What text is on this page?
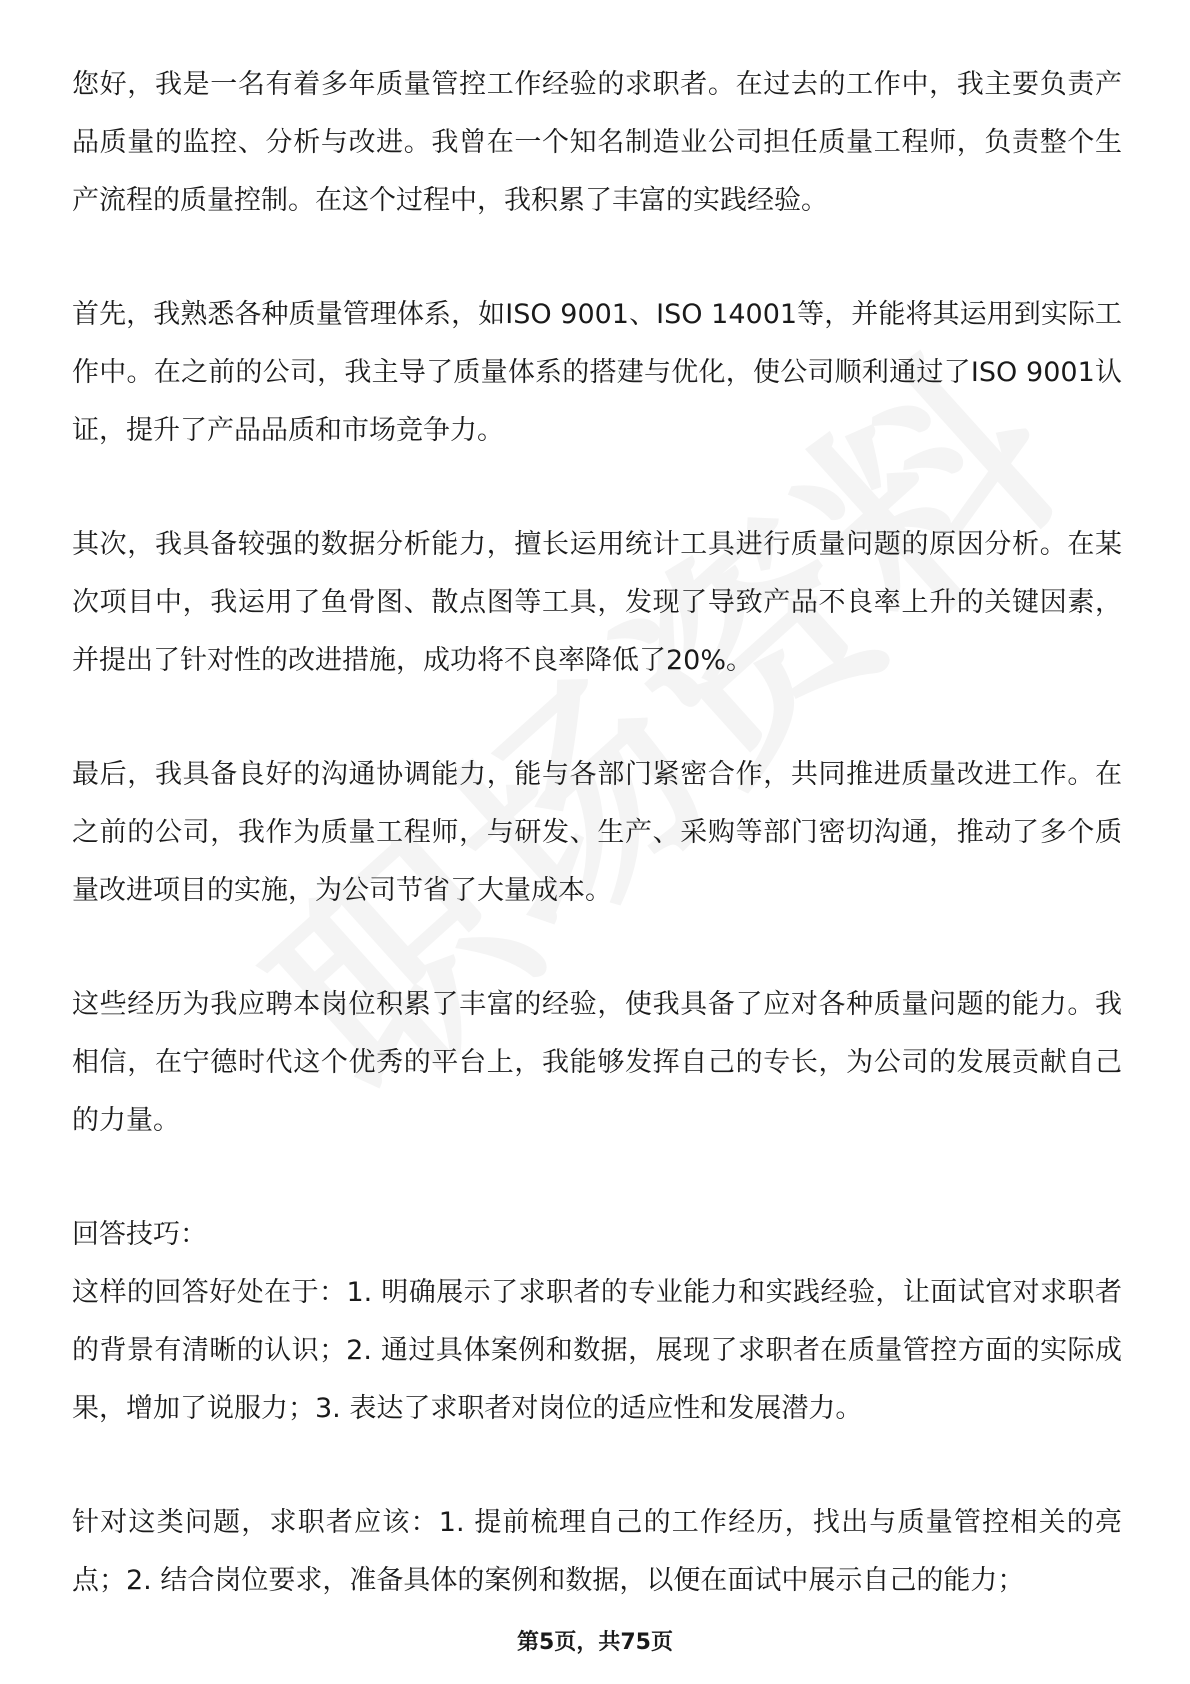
您好，我是一名有着多年质量管控工作经验的求职者。在过去的工作中，我主要负责产品质量的监控、分析与改进。我曾在一个知名制造业公司担任质量工程师，负责整个生产流程的质量控制。在这个过程中，我积累了丰富的实践经验。

首先，我熟悉各种质量管理体系，如ISO 9001、ISO 14001等，并能将其运用到实际工作中。在之前的公司，我主导了质量体系的搭建与优化，使公司顺利通过了ISO 9001认证，提升了产品品质和市场竞争力。

其次，我具备较强的数据分析能力，擅长运用统计工具进行质量问题的原因分析。在某次项目中，我运用了鱼骨图、散点图等工具，发现了导致产品不良率上升的关键因素，并提出了针对性的改进措施，成功将不良率降低了20%。

最后，我具备良好的沟通协调能力，能与各部门紧密合作，共同推进质量改进工作。在之前的公司，我作为质量工程师，与研发、生产、采购等部门密切沟通，推动了多个质量改进项目的实施，为公司节省了大量成本。

这些经历为我应聘本岗位积累了丰富的经验，使我具备了应对各种质量问题的能力。我相信，在宁德时代这个优秀的平台上，我能够发挥自己的专长，为公司的发展贡献自己的力量。

回答技巧：

这样的回答好处在于：1. 明确展示了求职者的专业能力和实践经验，让面试官对求职者的背景有清晰的认识；2. 通过具体案例和数据，展现了求职者在质量管控方面的实际成果，增加了说服力；3. 表达了求职者对岗位的适应性和发展潜力。

针对这类问题，求职者应该：1. 提前梳理自己的工作经历，找出与质量管控相关的亮点；2. 结合岗位要求，准备具体的案例和数据，以便在面试中展示自己的能力；

第5页，共75页
